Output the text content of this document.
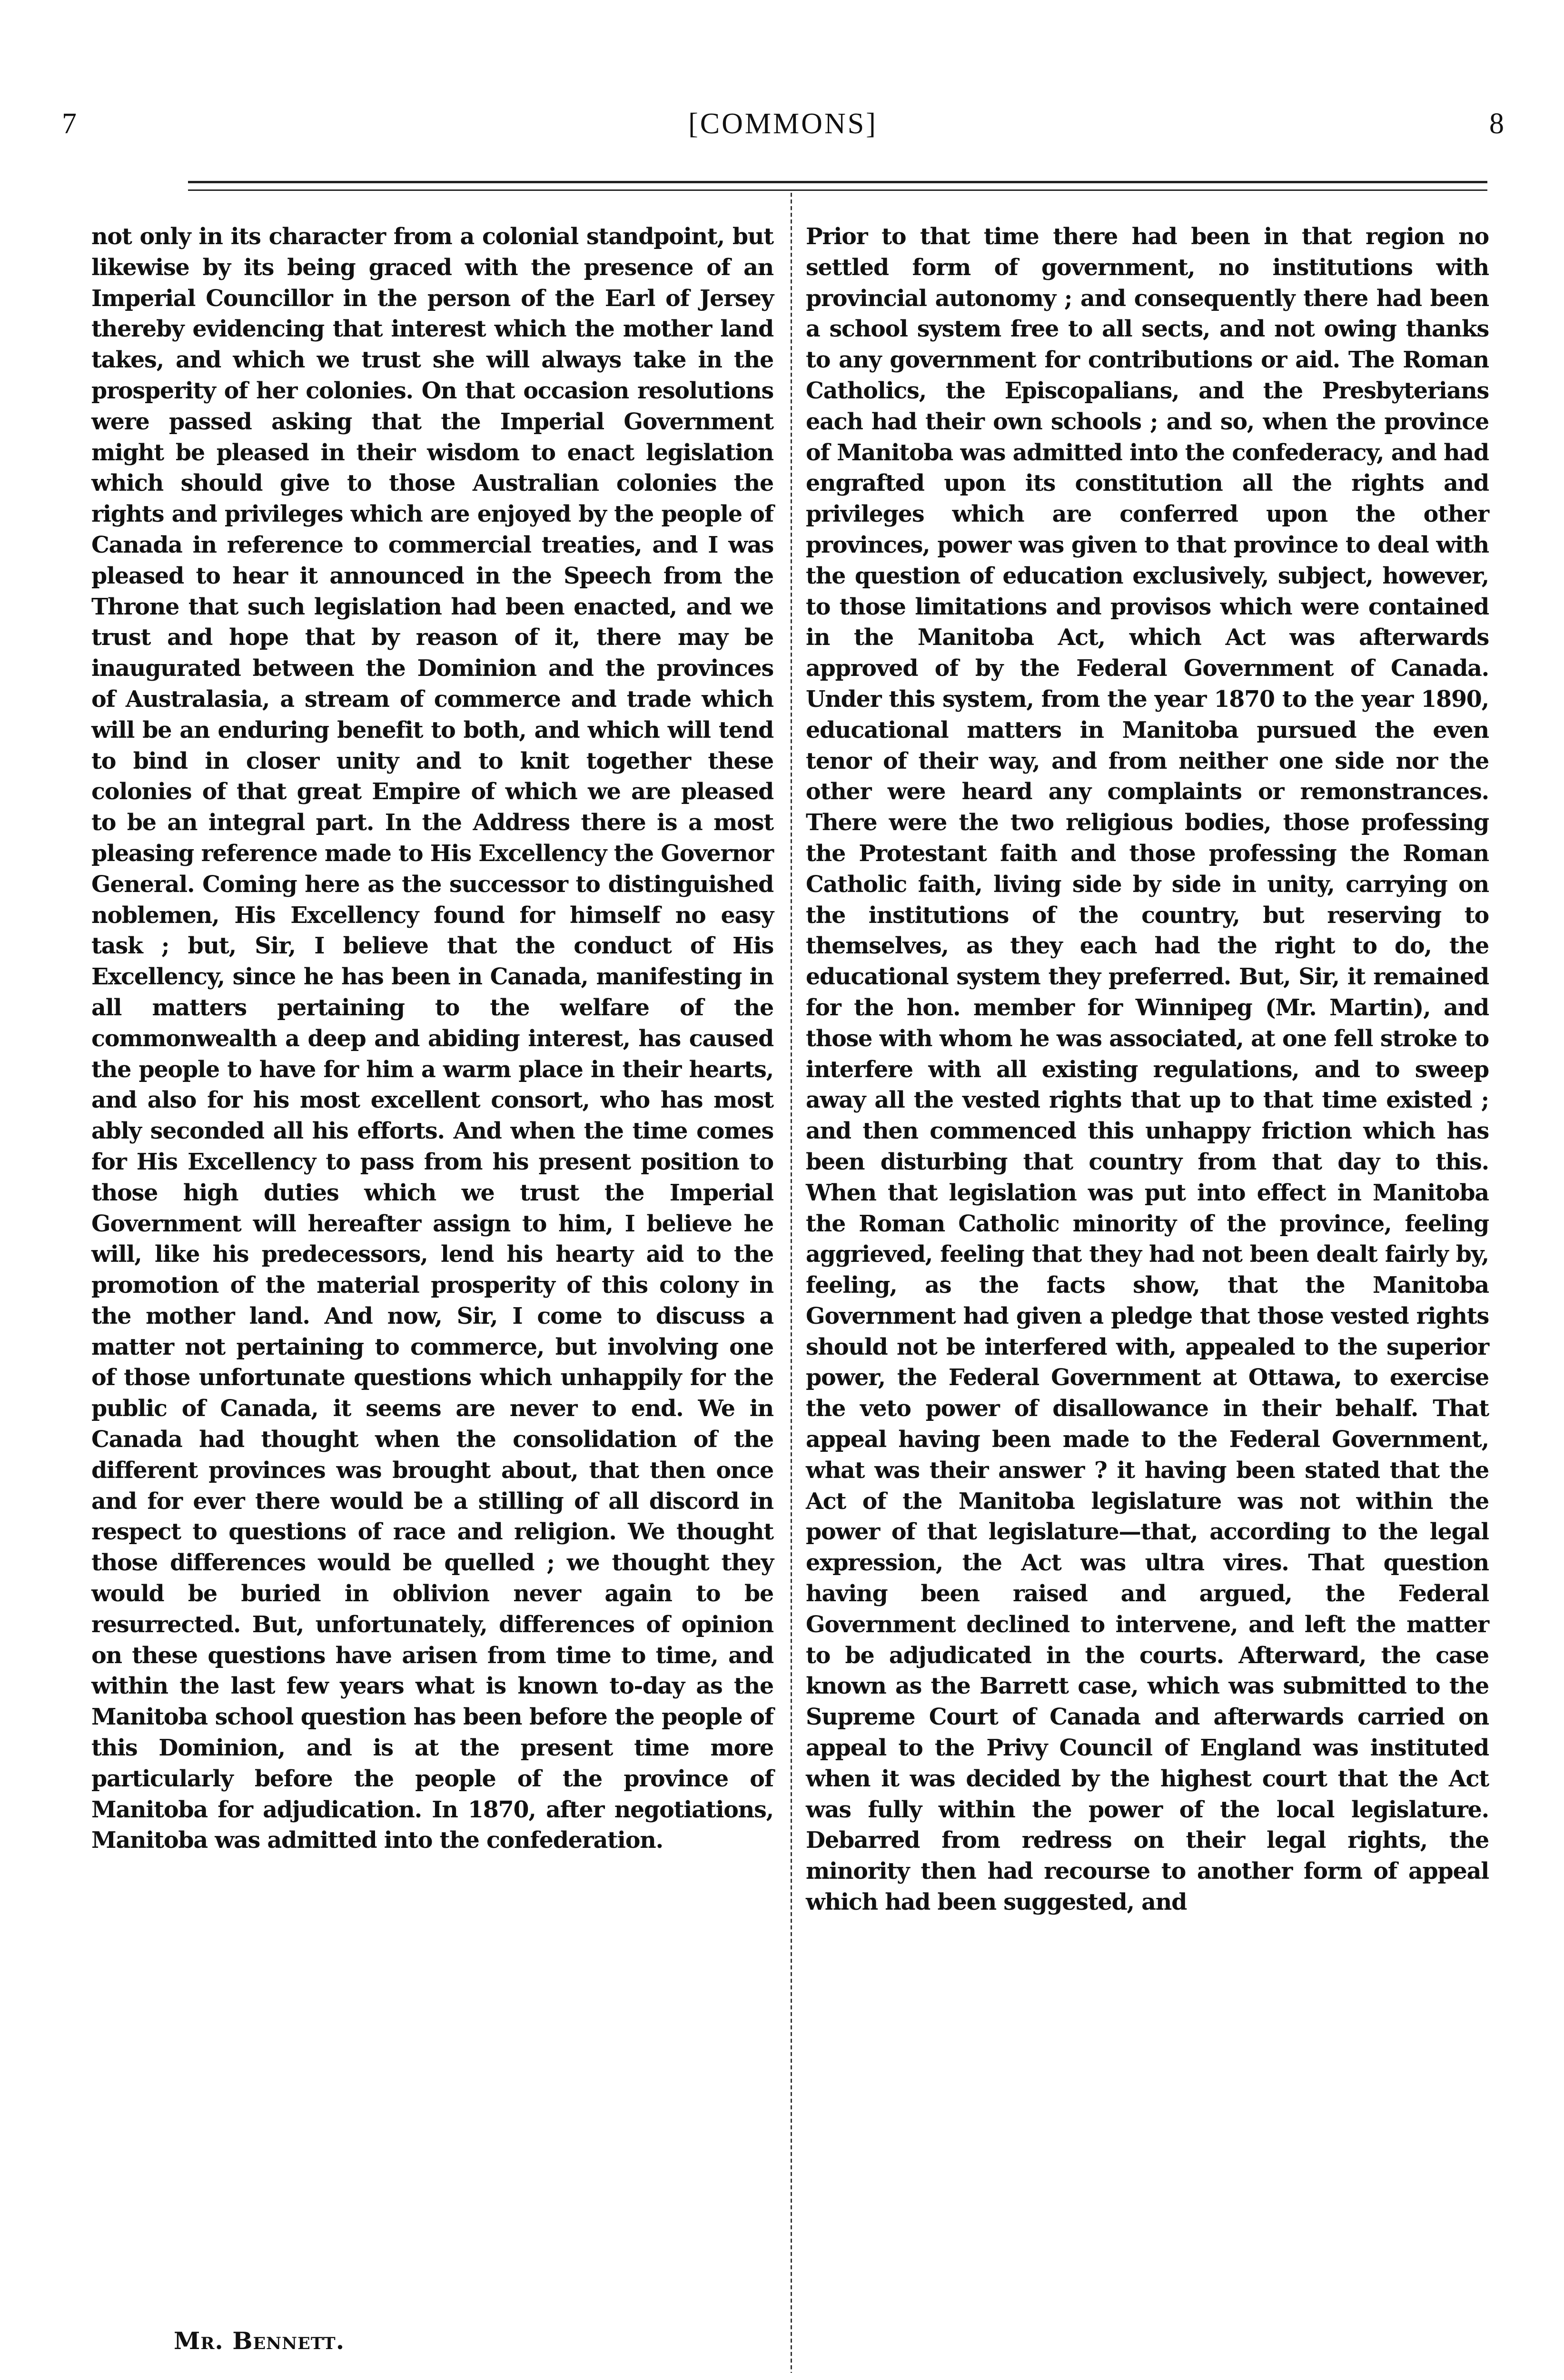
7	[COMMONS]	8

not only in its character from a colonial standpoint, but likewise by its being graced with the presence of an Imperial Councillor in the person of the Earl of Jersey thereby evidencing that interest which the mother land takes, and which we trust she will always take in the prosperity of her colonies. On that occasion resolutions were passed asking that the Imperial Government might be pleased in their wisdom to enact legislation which should give to those Australian colonies the rights and privileges which are enjoyed by the people of Canada in reference to commercial treaties, and I was pleased to hear it announced in the Speech from the Throne that such legislation had been enacted, and we trust and hope that by reason of it, there may be inaugurated between the Dominion and the provinces of Australasia, a stream of commerce and trade which will be an enduring benefit to both, and which will tend to bind in closer unity and to knit together these colonies of that great Empire of which we are pleased to be an integral part. In the Address there is a most pleasing reference made to His Excellency the Governor General. Coming here as the successor to distinguished noblemen, His Excellency found for himself no easy task ; but, Sir, I believe that the conduct of His Excellency, since he has been in Canada, manifesting in all matters pertaining to the welfare of the commonwealth a deep and abiding interest, has caused the people to have for him a warm place in their hearts, and also for his most excellent consort, who has most ably seconded all his efforts. And when the time comes for His Excellency to pass from his present position to those high duties which we trust the Imperial Government will hereafter assign to him, I believe he will, like his predecessors, lend his hearty aid to the promotion of the material prosperity of this colony in the mother land. And now, Sir, I come to discuss a matter not pertaining to commerce, but involving one of those unfortunate questions which unhappily for the public of Canada, it seems are never to end. We in Canada had thought when the consolidation of the different provinces was brought about, that then once and for ever there would be a stilling of all discord in respect to questions of race and religion. We thought those differences would be quelled ; we thought they would be buried in oblivion never again to be resurrected. But, unfortunately, differences of opinion on these questions have arisen from time to time, and within the last few years what is known to-day as the Manitoba school question has been before the people of this Dominion, and is at the present time more particularly before the people of the province of Manitoba for adjudication. In 1870, after negotiations, Manitoba was admitted into the confederation.

Prior to that time there had been in that region no settled form of government, no institutions with provincial autonomy ; and consequently there had been a school system free to all sects, and not owing thanks to any government for contributions or aid. The Roman Catholics, the Episcopalians, and the Presbyterians each had their own schools ; and so, when the province of Manitoba was admitted into the confederacy, and had engrafted upon its constitution all the rights and privileges which are conferred upon the other provinces, power was given to that province to deal with the question of education exclusively, subject, however, to those limitations and provisos which were contained in the Manitoba Act, which Act was afterwards approved of by the Federal Government of Canada. Under this system, from the year 1870 to the year 1890, educational matters in Manitoba pursued the even tenor of their way, and from neither one side nor the other were heard any complaints or remonstrances. There were the two religious bodies, those professing the Protestant faith and those professing the Roman Catholic faith, living side by side in unity, carrying on the institutions of the country, but reserving to themselves, as they each had the right to do, the educational system they preferred. But, Sir, it remained for the hon. member for Winnipeg (Mr. Martin), and those with whom he was associated, at one fell stroke to interfere with all existing regulations, and to sweep away all the vested rights that up to that time existed ; and then commenced this unhappy friction which has been disturbing that country from that day to this. When that legislation was put into effect in Manitoba the Roman Catholic minority of the province, feeling aggrieved, feeling that they had not been dealt fairly by, feeling, as the facts show, that the Manitoba Government had given a pledge that those vested rights should not be interfered with, appealed to the superior power, the Federal Government at Ottawa, to exercise the veto power of disallowance in their behalf. That appeal having been made to the Federal Government, what was their answer ? it having been stated that the Act of the Manitoba legislature was not within the power of that legislature—that, according to the legal expression, the Act was ultra vires. That question having been raised and argued, the Federal Government declined to intervene, and left the matter to be adjudicated in the courts. Afterward, the case known as the Barrett case, which was submitted to the Supreme Court of Canada and afterwards carried on appeal to the Privy Council of England was instituted when it was decided by the highest court that the Act was fully within the power of the local legislature. Debarred from redress on their legal rights, the minority then had recourse to another form of appeal which had been suggested, and

Mr. Bennett.
